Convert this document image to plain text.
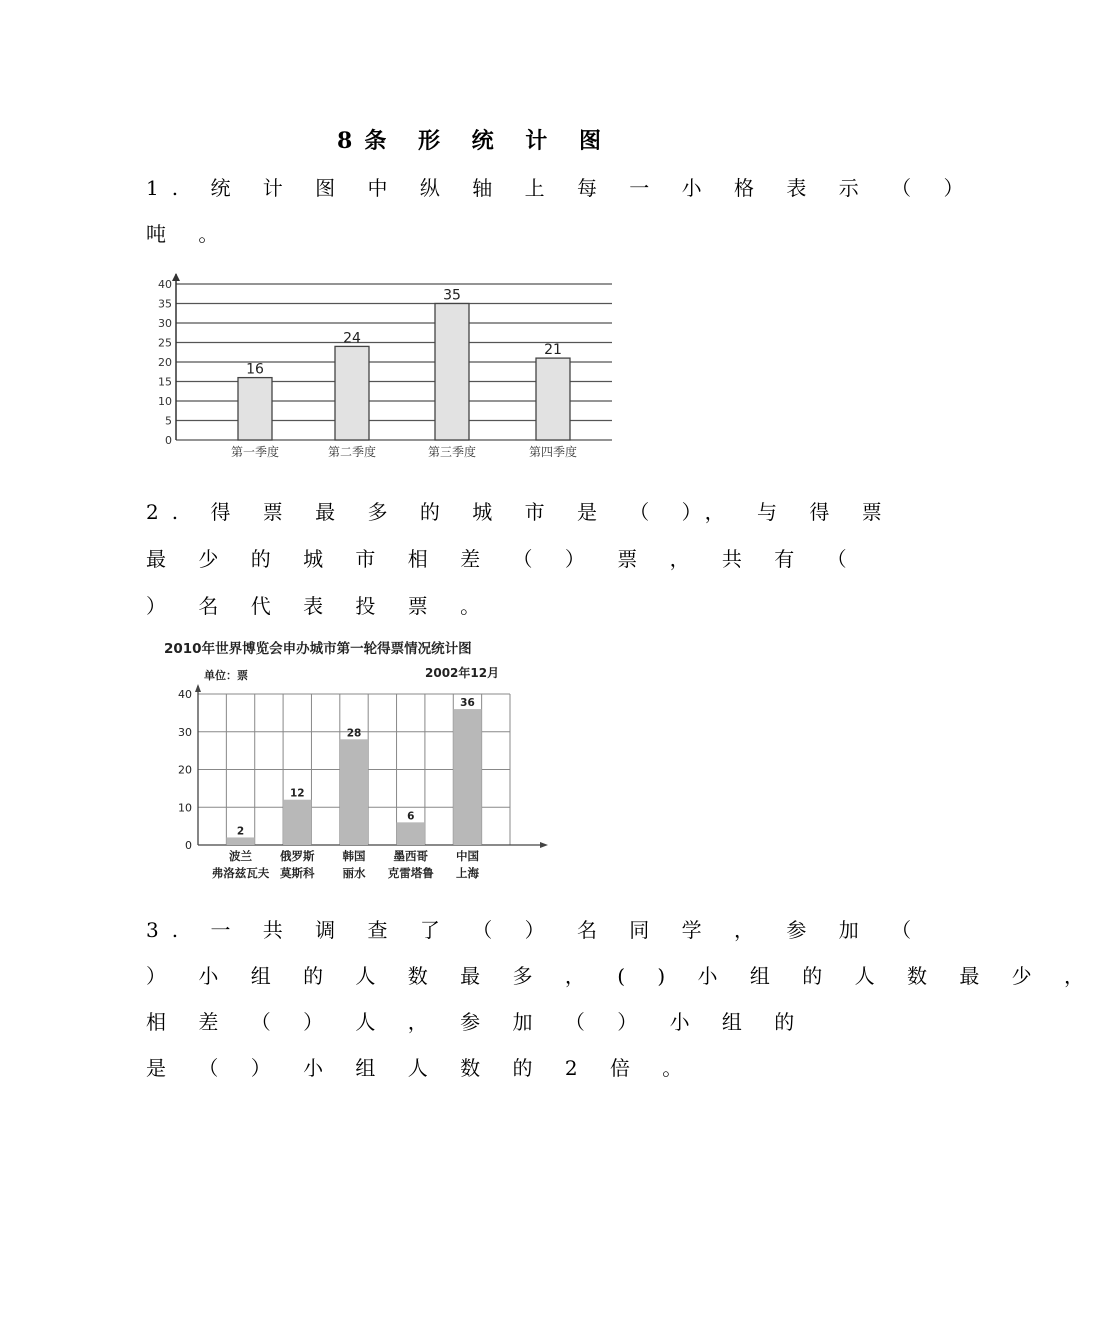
8条 形 统 计 图
1. 统 计 图 中 纵 轴 上 每 一 小 格 表 示 （ ）
吨 。
0
5
10
15
20
25
30
35
40
16
第一季度
24
第二季度
35
第三季度
21
第四季度
2. 得 票 最 多 的 城 市 是 （ ）， 与 得 票
最 少 的 城 市 相 差 （ ） 票 ， 共 有 （
） 名 代 表 投 票 。
2010年世界博览会申办城市第一轮得票情况统计图
单位：票	2002年12月
0
10
20
30
40
2
波兰
弗洛兹瓦夫
12
俄罗斯
莫斯科
28
韩国
丽水
6
墨西哥
克雷塔鲁
36
中国
上海
3. 一 共 调 查 了 （ ） 名 同 学 ， 参 加 （
） 小 组 的 人 数 最 多 ， ( ) 小 组 的 人 数 最 少 ，
相 差 （ ） 人 ， 参 加 （ ） 小 组 的
是 （ ） 小 组 人 数 的 2 倍 。
